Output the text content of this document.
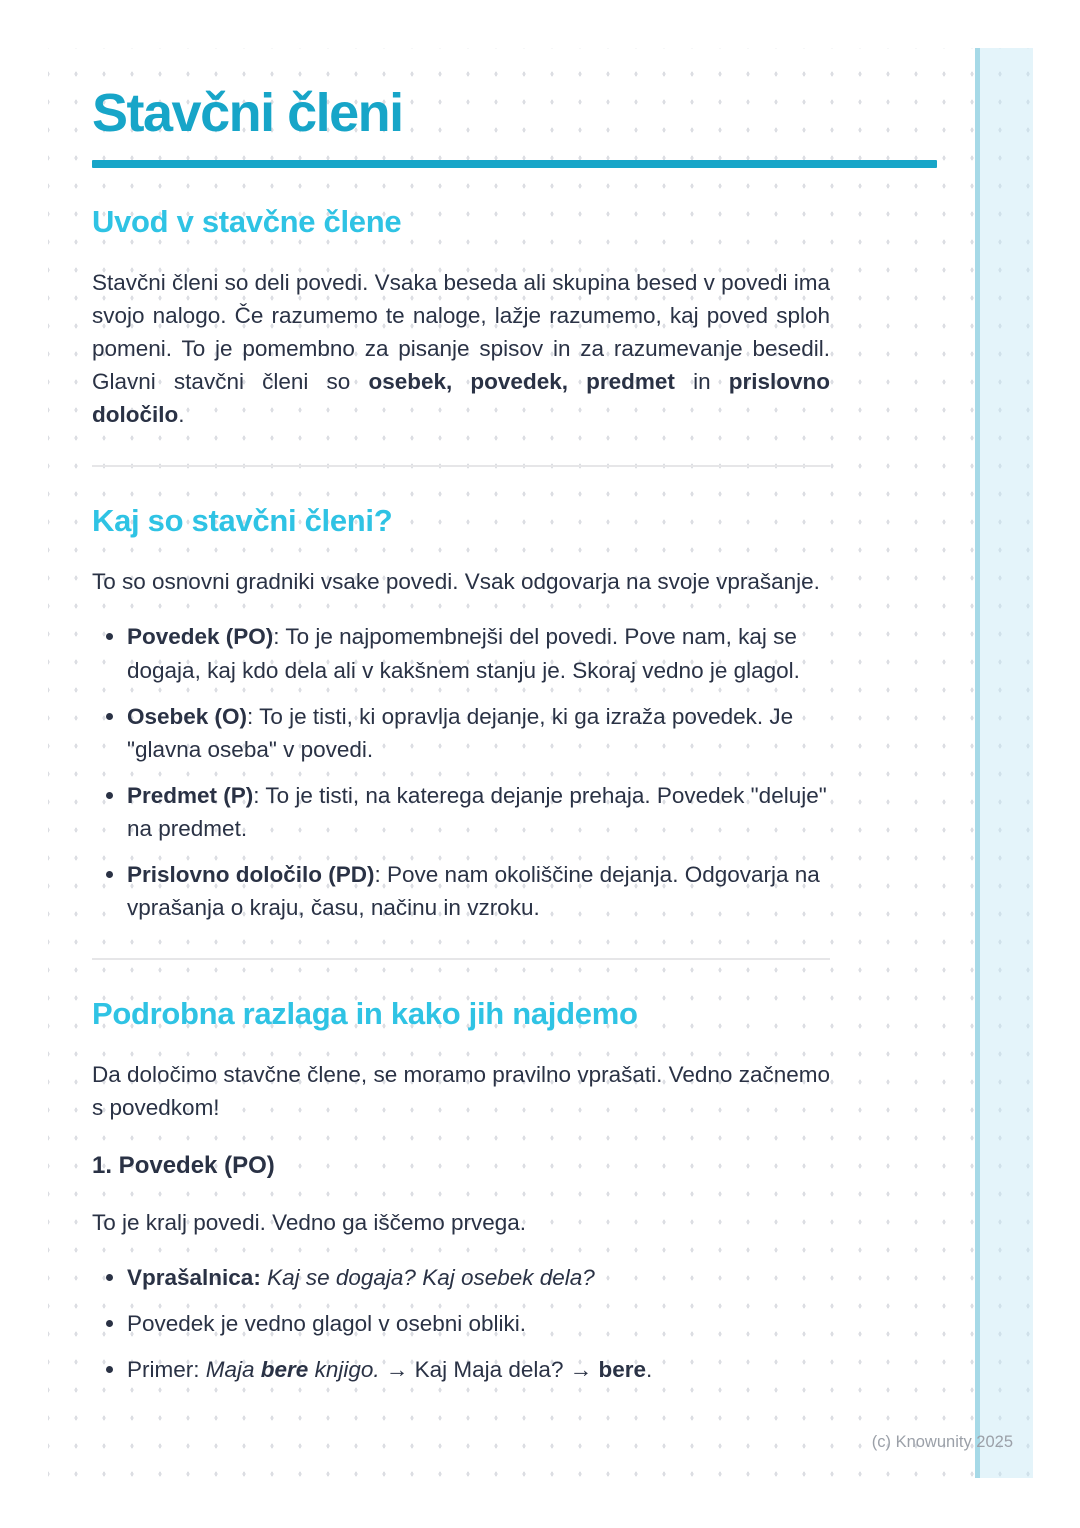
Stavčni členi
Uvod v stavčne člene

Stavčni členi so deli povedi. Vsaka beseda ali skupina besed v povedi ima svojo nalogo. Če razumemo te naloge, lažje razumemo, kaj poved sploh pomeni. To je pomembno za pisanje spisov in za razumevanje besedil. Glavni stavčni členi so osebek, povedek, predmet in prislovno določilo.

Kaj so stavčni členi?

To so osnovni gradniki vsake povedi. Vsak odgovarja na svoje vprašanje.

Povedek (PO): To je najpomembnejši del povedi. Pove nam, kaj se dogaja, kaj kdo dela ali v kakšnem stanju je. Skoraj vedno je glagol.

Osebek (O): To je tisti, ki opravlja dejanje, ki ga izraža povedek. Je "glavna oseba" v povedi.

Predmet (P): To je tisti, na katerega dejanje prehaja. Povedek "deluje" na predmet.

Prislovno določilo (PD): Pove nam okoliščine dejanja. Odgovarja na vprašanja o kraju, času, načinu in vzroku.

Podrobna razlaga in kako jih najdemo

Da določimo stavčne člene, se moramo pravilno vprašati. Vedno začnemo s povedkom!

1. Povedek (PO)

To je kralj povedi. Vedno ga iščemo prvega.

Vprašalnica: Kaj se dogaja? Kaj osebek dela?

Povedek je vedno glagol v osebni obliki.

Primer: Maja bere knjigo. → Kaj Maja dela? → bere.

(c) Knowunity 2025
